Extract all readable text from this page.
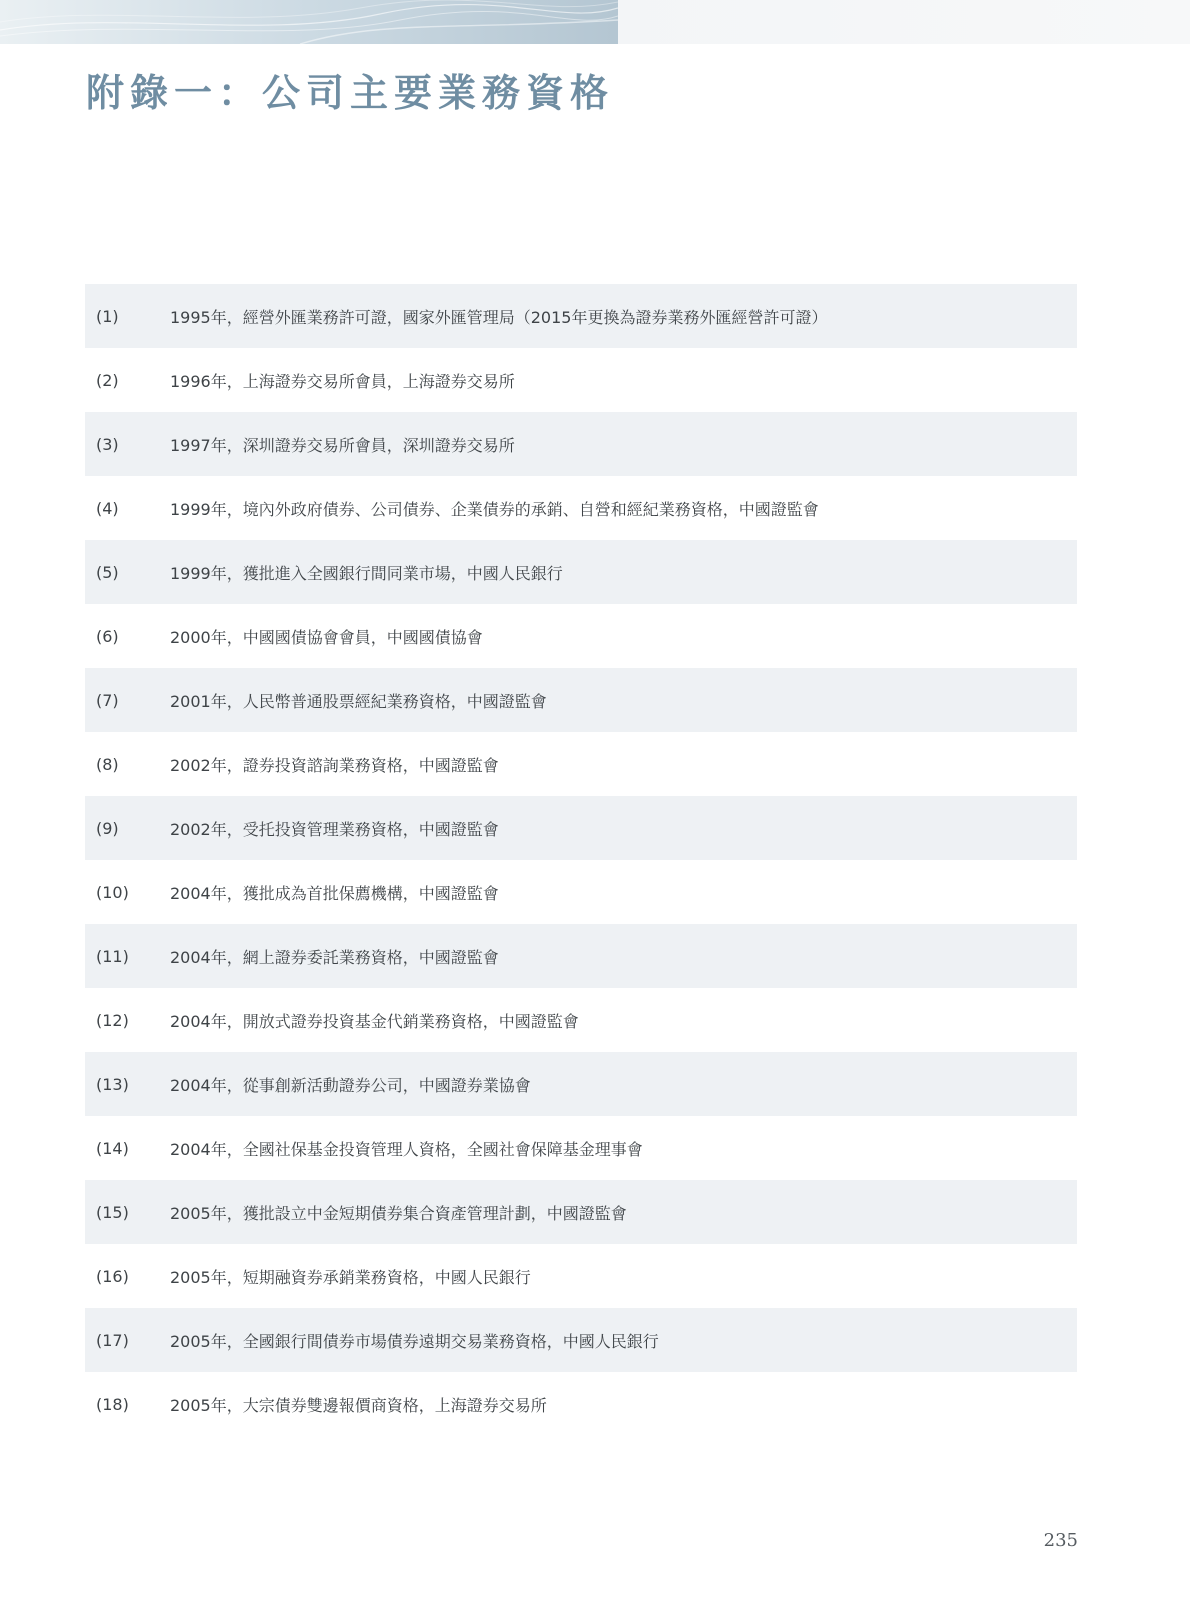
附錄一：公司主要業務資格
(1)	1995年，經營外匯業務許可證，國家外匯管理局（2015年更換為證券業務外匯經營許可證）
(2)	1996年，上海證券交易所會員，上海證券交易所
(3)	1997年，深圳證券交易所會員，深圳證券交易所
(4)	1999年，境內外政府債券、公司債券、企業債券的承銷、自營和經紀業務資格，中國證監會
(5)	1999年，獲批進入全國銀行間同業市場，中國人民銀行
(6)	2000年，中國國債協會會員，中國國債協會
(7)	2001年，人民幣普通股票經紀業務資格，中國證監會
(8)	2002年，證券投資諮詢業務資格，中國證監會
(9)	2002年，受托投資管理業務資格，中國證監會
(10)	2004年，獲批成為首批保薦機構，中國證監會
(11)	2004年，網上證券委託業務資格，中國證監會
(12)	2004年，開放式證券投資基金代銷業務資格，中國證監會
(13)	2004年，從事創新活動證券公司，中國證券業協會
(14)	2004年，全國社保基金投資管理人資格，全國社會保障基金理事會
(15)	2005年，獲批設立中金短期債券集合資產管理計劃，中國證監會
(16)	2005年，短期融資券承銷業務資格，中國人民銀行
(17)	2005年，全國銀行間債券市場債券遠期交易業務資格，中國人民銀行
(18)	2005年，大宗債券雙邊報價商資格，上海證券交易所
235
